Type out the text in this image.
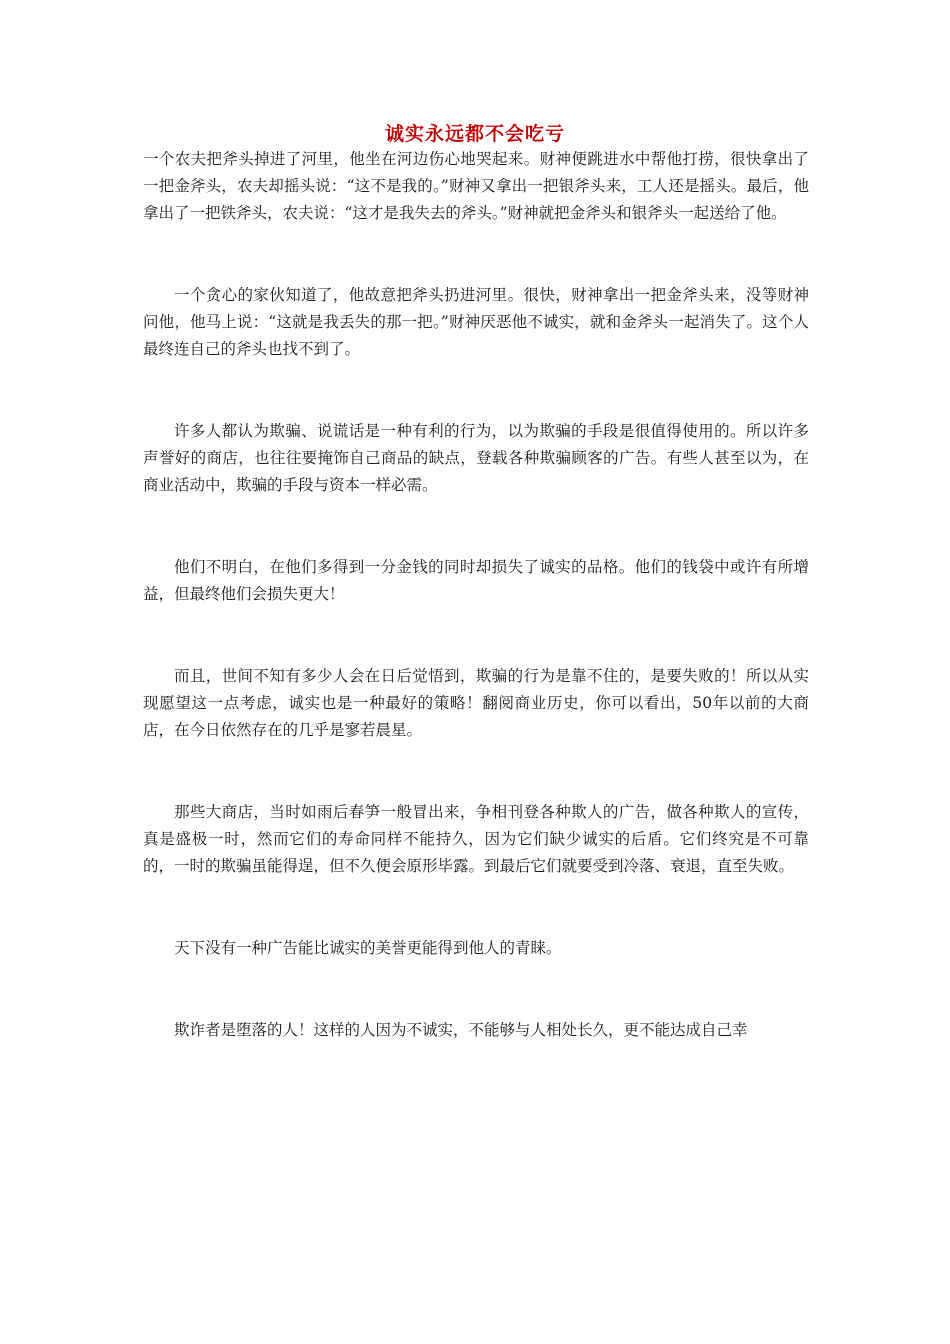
诚实永远都不会吃亏

一个农夫把斧头掉进了河里，他坐在河边伤心地哭起来。财神便跳进水中帮他打捞，很快拿出了一把金斧头，农夫却摇头说：“这不是我的。”财神又拿出一把银斧头来，工人还是摇头。最后，他拿出了一把铁斧头，农夫说：“这才是我失去的斧头。”财神就把金斧头和银斧头一起送给了他。

一个贪心的家伙知道了，他故意把斧头扔进河里。很快，财神拿出一把金斧头来，没等财神问他，他马上说：“这就是我丢失的那一把。”财神厌恶他不诚实，就和金斧头一起消失了。这个人最终连自己的斧头也找不到了。

许多人都认为欺骗、说谎话是一种有利的行为，以为欺骗的手段是很值得使用的。所以许多声誉好的商店，也往往要掩饰自己商品的缺点，登载各种欺骗顾客的广告。有些人甚至以为，在商业活动中，欺骗的手段与资本一样必需。

他们不明白，在他们多得到一分金钱的同时却损失了诚实的品格。他们的钱袋中或许有所增益，但最终他们会损失更大！

而且，世间不知有多少人会在日后觉悟到，欺骗的行为是靠不住的，是要失败的！所以从实现愿望这一点考虑，诚实也是一种最好的策略！翻阅商业历史，你可以看出，50年以前的大商店，在今日依然存在的几乎是寥若晨星。

那些大商店，当时如雨后春笋一般冒出来，争相刊登各种欺人的广告，做各种欺人的宣传，真是盛极一时，然而它们的寿命同样不能持久，因为它们缺少诚实的后盾。它们终究是不可靠的，一时的欺骗虽能得逞，但不久便会原形毕露。到最后它们就要受到冷落、衰退，直至失败。

天下没有一种广告能比诚实的美誉更能得到他人的青睐。

欺诈者是堕落的人！这样的人因为不诚实，不能够与人相处长久，更不能达成自己幸
